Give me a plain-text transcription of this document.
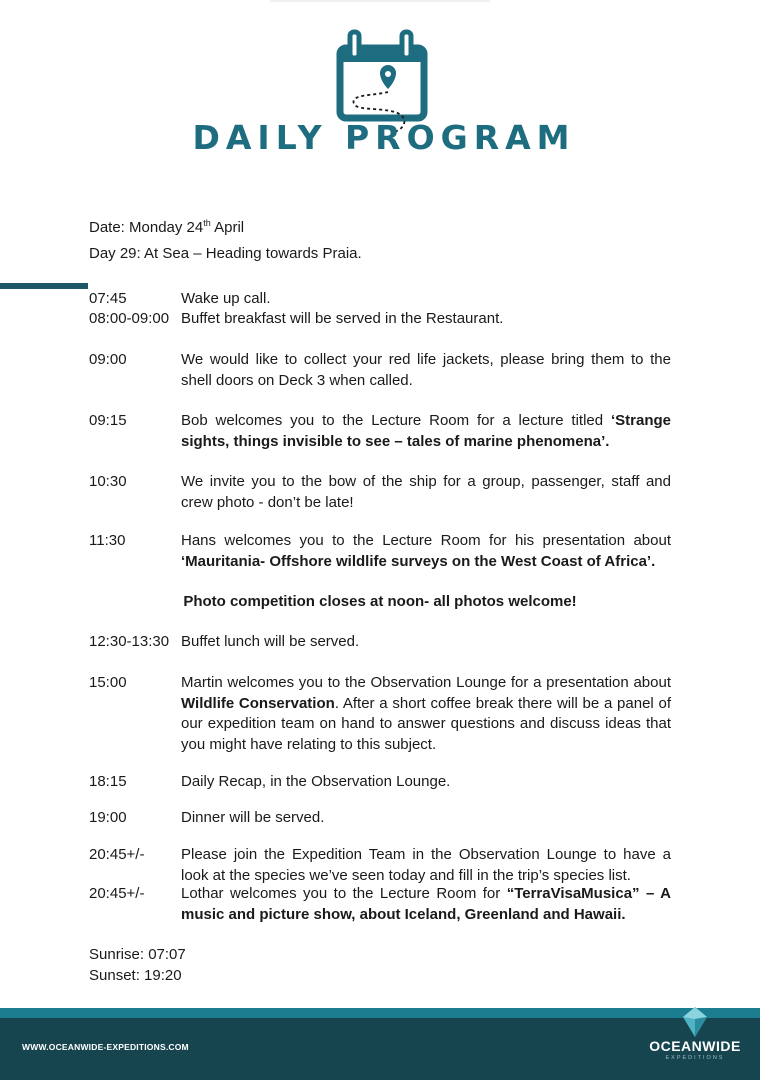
DAILY PROGRAM
Date: Monday 24th April
Day 29: At Sea – Heading towards Praia.
07:45	Wake up call.
08:00-09:00 Buffet breakfast will be served in the Restaurant.
09:00	We would like to collect your red life jackets, please bring them to the shell doors on Deck 3 when called.
09:15	Bob welcomes you to the Lecture Room for a lecture titled ‘Strange sights, things invisible to see – tales of marine phenomena’.
10:30	We invite you to the bow of the ship for a group, passenger, staff and crew photo - don’t be late!
11:30	Hans welcomes you to the Lecture Room for his presentation about ‘Mauritania- Offshore wildlife surveys on the West Coast of Africa’.
Photo competition closes at noon- all photos welcome!
12:30-13:30 Buffet lunch will be served.
15:00	Martin welcomes you to the Observation Lounge for a presentation about Wildlife Conservation. After a short coffee break there will be a panel of our expedition team on hand to answer questions and discuss ideas that you might have relating to this subject.
18:15	Daily Recap, in the Observation Lounge.
19:00	Dinner will be served.
20:45+/-	Please join the Expedition Team in the Observation Lounge to have a look at the species we’ve seen today and fill in the trip’s species list.
20:45+/-	Lothar welcomes you to the Lecture Room for “TerraVisaMusica” – A music and picture show, about Iceland, Greenland and Hawaii.
Sunrise: 07:07
Sunset: 19:20
WWW.OCEANWIDE-EXPEDITIONS.COM	OCEANWIDE
EXPEDITIONS
